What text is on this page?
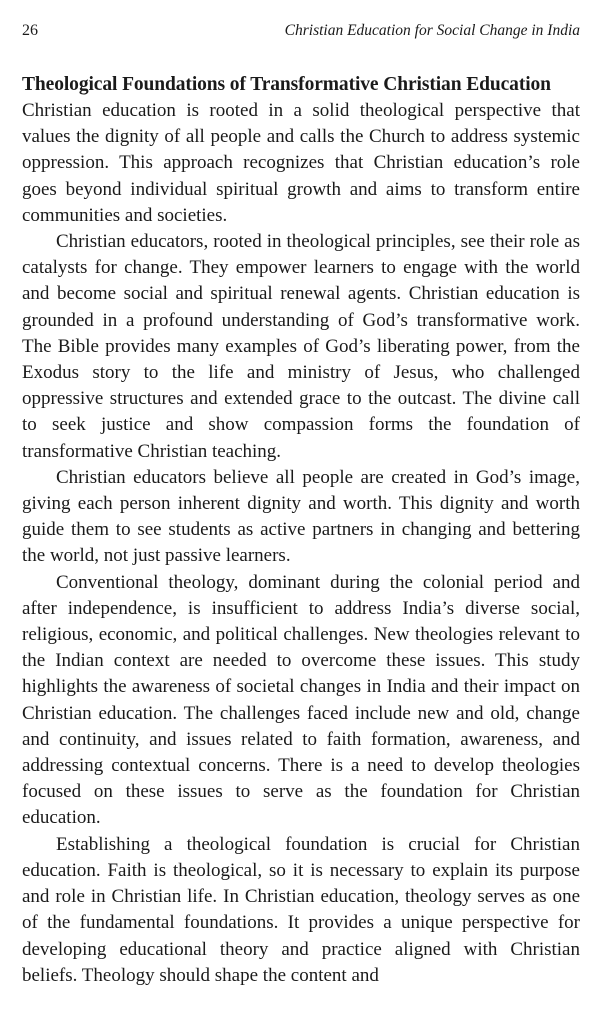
26	Christian Education for Social Change in India
Theological Foundations of Transformative Christian Education

Christian education is rooted in a solid theological perspective that values the dignity of all people and calls the Church to address systemic oppression. This approach recognizes that Christian education’s role goes beyond individual spiritual growth and aims to transform entire communities and societies.

Christian educators, rooted in theological principles, see their role as catalysts for change. They empower learners to engage with the world and become social and spiritual renewal agents. Christian education is grounded in a profound understanding of God’s transformative work. The Bible provides many examples of God’s liberating power, from the Exodus story to the life and ministry of Jesus, who challenged oppressive structures and extended grace to the outcast. The divine call to seek justice and show compassion forms the foundation of transformative Christian teaching.

Christian educators believe all people are created in God’s image, giving each person inherent dignity and worth. This dignity and worth guide them to see students as active partners in changing and bettering the world, not just passive learners.

Conventional theology, dominant during the colonial period and after independence, is insufficient to address India’s diverse social, religious, economic, and political challenges. New theologies relevant to the Indian context are needed to overcome these issues. This study highlights the awareness of societal changes in India and their impact on Christian education. The challenges faced include new and old, change and continuity, and issues related to faith formation, awareness, and addressing contextual concerns. There is a need to develop theologies focused on these issues to serve as the foundation for Christian education.

Establishing a theological foundation is crucial for Christian education. Faith is theological, so it is necessary to explain its purpose and role in Christian life. In Christian education, theology serves as one of the fundamental foundations. It provides a unique perspective for developing educational theory and practice aligned with Christian beliefs. Theology should shape the content and
